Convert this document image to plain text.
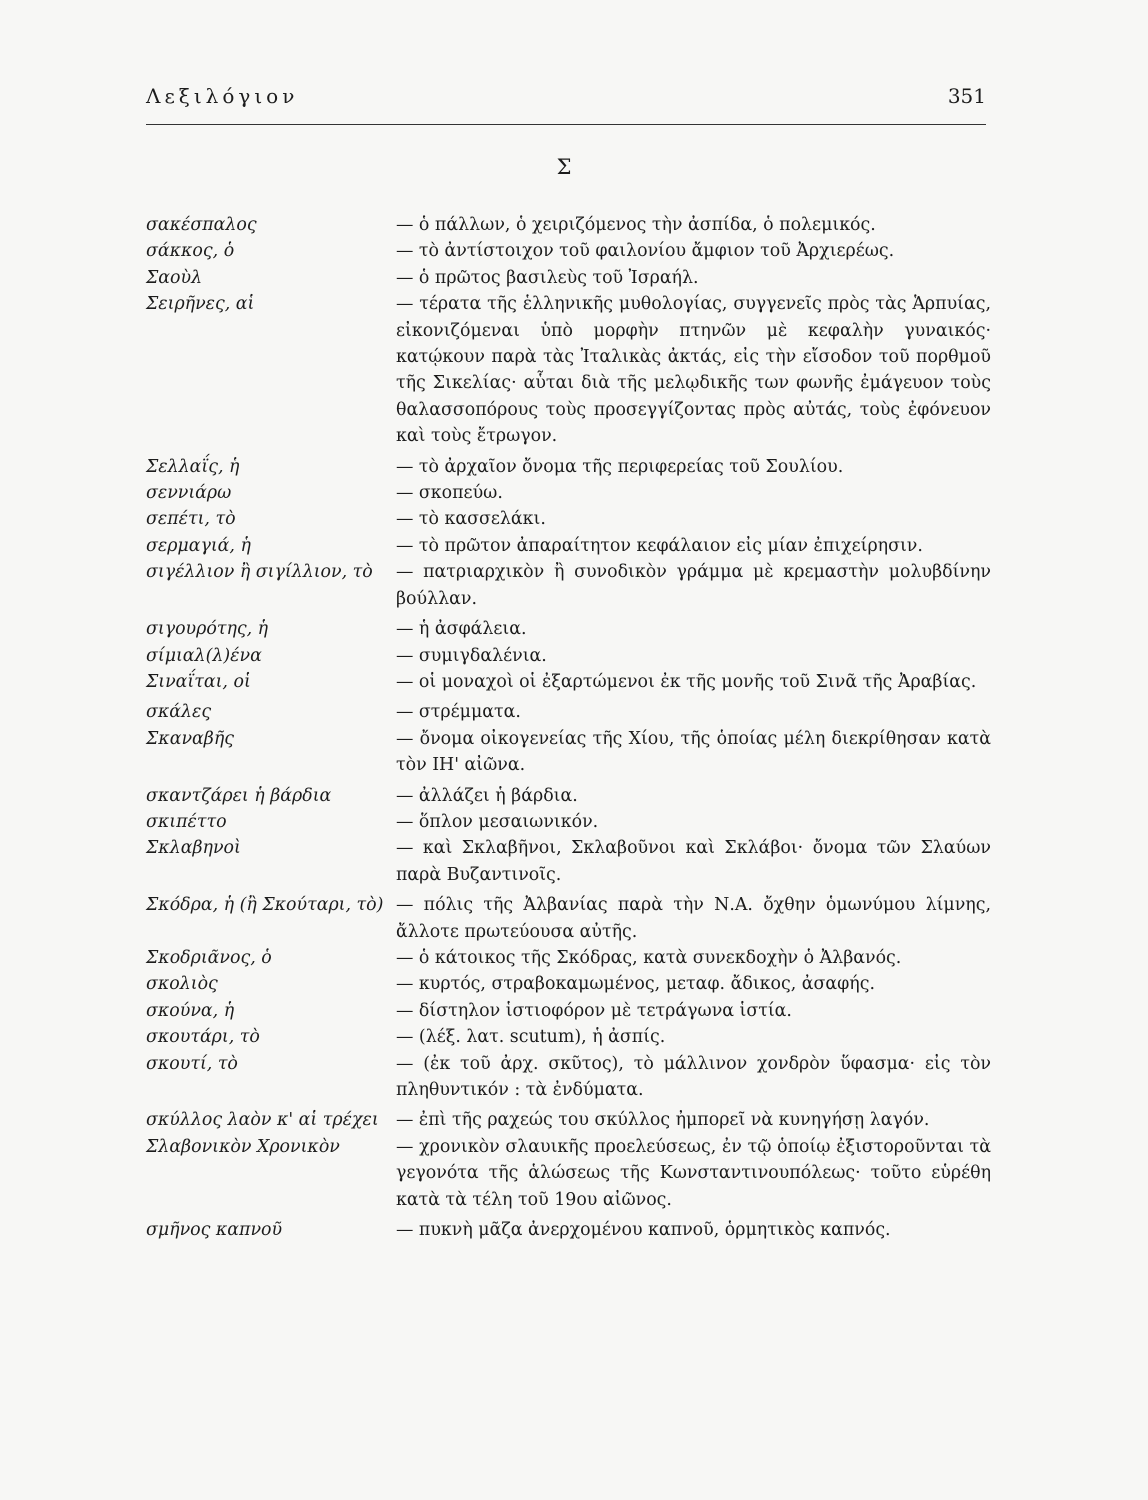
Λεξιλόγιον	351
Σ
σακέσπαλος	— ὁ πάλλων, ὁ χειριζόμενος τὴν ἀσπίδα, ὁ πολεμικός.
σάκκος, ὁ	— τὸ ἀντίστοιχον τοῦ φαιλονίου ἄμφιον τοῦ Ἀρχιερέως.
Σαοὺλ	— ὁ πρῶτος βασιλεὺς τοῦ Ἰσραήλ.
Σειρῆνες, αἱ	— τέρατα τῆς ἑλληνικῆς μυθολογίας, συγγενεῖς πρὸς τὰς Ἁρπυίας, εἰκονιζόμεναι ὑπὸ μορφὴν πτηνῶν μὲ κεφαλὴν γυναικός· κατῴκουν παρὰ τὰς Ἰταλικὰς ἀκτάς, εἰς τὴν εἴσοδον τοῦ πορθμοῦ τῆς Σικελίας· αὗται διὰ τῆς μελῳδικῆς των φωνῆς ἐμάγευον τοὺς θαλασσοπόρους τοὺς προσεγγίζοντας πρὸς αὐτάς, τοὺς ἐφόνευον καὶ τοὺς ἔτρωγον.
Σελλαΐς, ἡ	— τὸ ἀρχαῖον ὄνομα τῆς περιφερείας τοῦ Σουλίου.
σεννιάρω	— σκοπεύω.
σεπέτι, τὸ	— τὸ κασσελάκι.
σερμαγιά, ἡ	— τὸ πρῶτον ἀπαραίτητον κεφάλαιον εἰς μίαν ἐπιχείρησιν.
σιγέλλιον ἢ σιγίλλιον, τὸ	— πατριαρχικὸν ἢ συνοδικὸν γράμμα μὲ κρεμαστὴν μολυβδίνην βούλλαν.
σιγουρότης, ἡ	— ἡ ἀσφάλεια.
σίμιαλ(λ)ένα	— συμιγδαλένια.
Σιναΐται, οἱ	— οἱ μοναχοὶ οἱ ἐξαρτώμενοι ἐκ τῆς μονῆς τοῦ Σινᾶ τῆς Ἀραβίας.
σκάλες	— στρέμματα.
Σκαναβῆς	— ὄνομα οἰκογενείας τῆς Χίου, τῆς ὁποίας μέλη διεκρίθησαν κατὰ τὸν ΙΗ' αἰῶνα.
σκαντζάρει ἡ βάρδια	— ἀλλάζει ἡ βάρδια.
σκιπέττο	— ὅπλον μεσαιωνικόν.
Σκλαβηνοὶ	— καὶ Σκλαβῆνοι, Σκλαβοῦνοι καὶ Σκλάβοι· ὄνομα τῶν Σλαύων παρὰ Βυζαντινοῖς.
Σκόδρα, ἡ (ἢ Σκούταρι, τὸ) — πόλις τῆς Ἀλβανίας παρὰ τὴν Ν.Α. ὄχθην ὁμωνύμου λίμνης, ἄλλοτε πρωτεύουσα αὐτῆς.
Σκοδριᾶνος, ὁ	— ὁ κάτοικος τῆς Σκόδρας, κατὰ συνεκδοχὴν ὁ Ἀλβανός.
σκολιὸς	— κυρτός, στραβοκαμωμένος, μεταφ. ἄδικος, ἀσαφής.
σκούνα, ἡ	— δίστηλον ἱστιοφόρον μὲ τετράγωνα ἱστία.
σκουτάρι, τὸ	— (λέξ. λατ. scutum), ἡ ἀσπίς.
σκουτί, τὸ	— (ἐκ τοῦ ἀρχ. σκῦτος), τὸ μάλλινον χονδρὸν ὕφασμα· εἰς τὸν πληθυντικόν : τὰ ἐνδύματα.
σκύλλος λαὸν κ' αἱ τρέχει — ἐπὶ τῆς ραχεώς του σκύλλος ἠμπορεῖ νὰ κυνηγήσῃ λαγόν.
Σλαβονικὸν Χρονικὸν	— χρονικὸν σλαυικῆς προελεύσεως, ἐν τῷ ὁποίῳ ἐξιστοροῦνται τὰ γεγονότα τῆς ἁλώσεως τῆς Κωνσταντινουπόλεως· τοῦτο εὑρέθη κατὰ τὰ τέλη τοῦ 19ου αἰῶνος.
σμῆνος καπνοῦ	— πυκνὴ μᾶζα ἀνερχομένου καπνοῦ, ὁρμητικὸς καπνός.
